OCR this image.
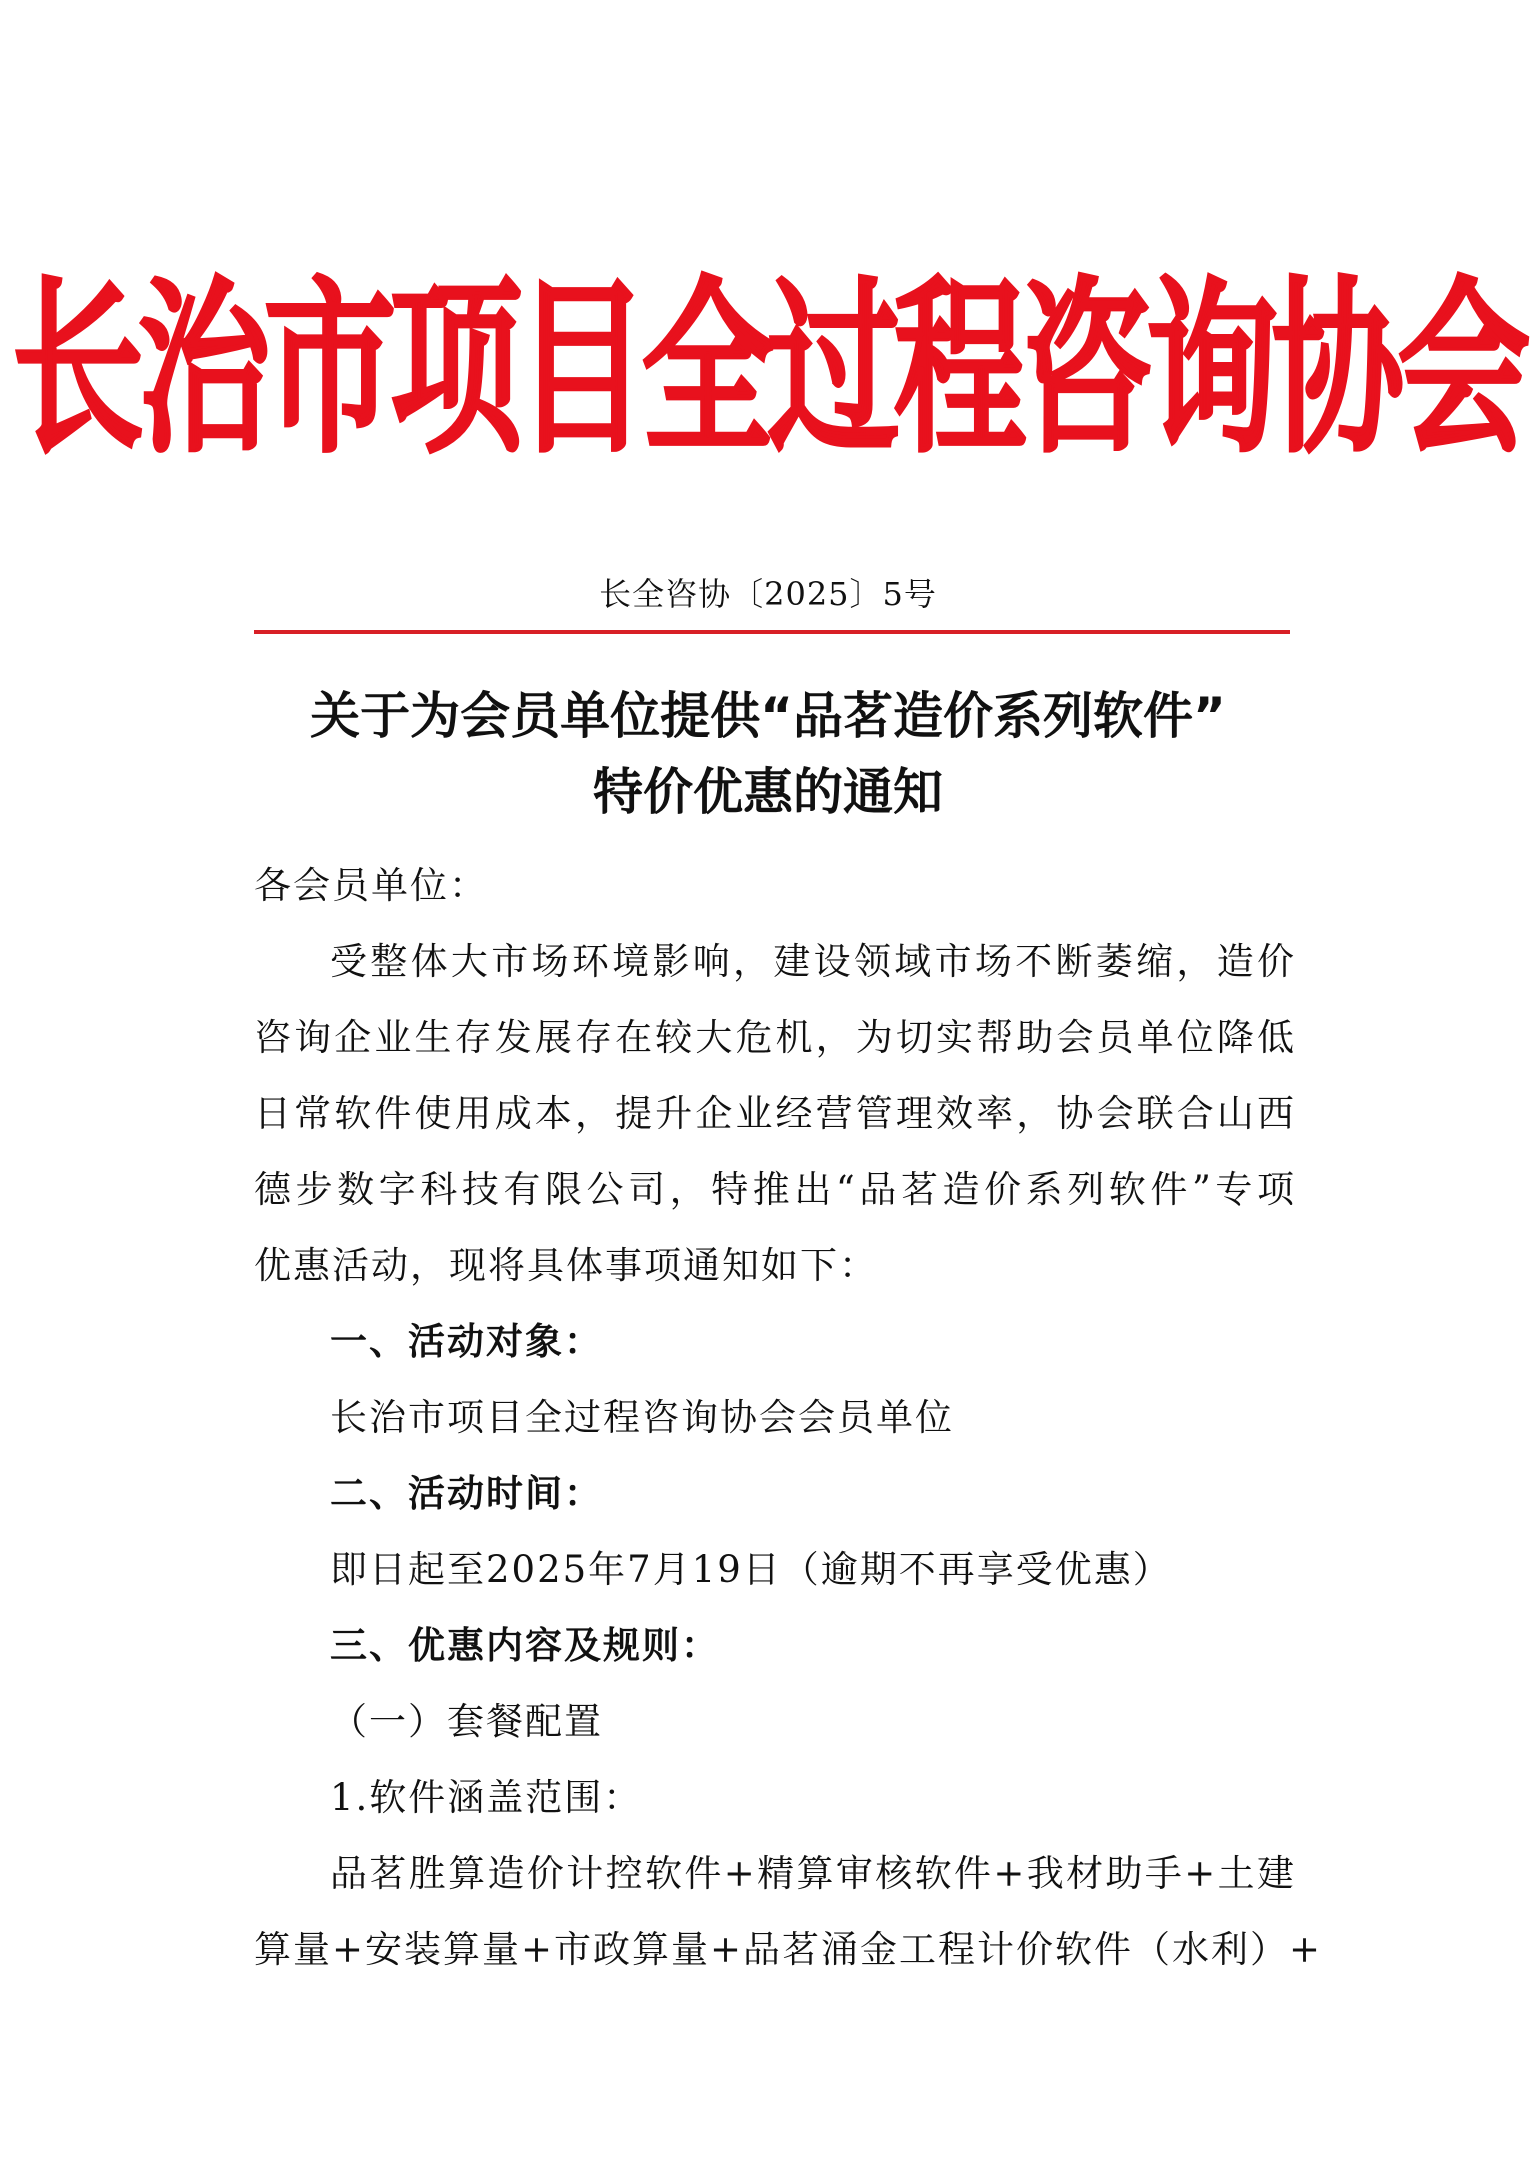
长治市项目全过程咨询协会
长全咨协〔2025〕5号
关于为会员单位提供“品茗造价系列软件”
特价优惠的通知
各会员单位：
受整体大市场环境影响，建设领域市场不断萎缩，造价
咨询企业生存发展存在较大危机，为切实帮助会员单位降低
日常软件使用成本，提升企业经营管理效率，协会联合山西
德步数字科技有限公司，特推出“品茗造价系列软件”专项
优惠活动，现将具体事项通知如下：
一、活动对象：
长治市项目全过程咨询协会会员单位
二、活动时间：
即日起至2025年7月19日（逾期不再享受优惠）
三、优惠内容及规则：
（一）套餐配置
1.软件涵盖范围：
品茗胜算造价计控软件+精算审核软件+我材助手+土建
算量+安装算量+市政算量+品茗涌金工程计价软件（水利）+
